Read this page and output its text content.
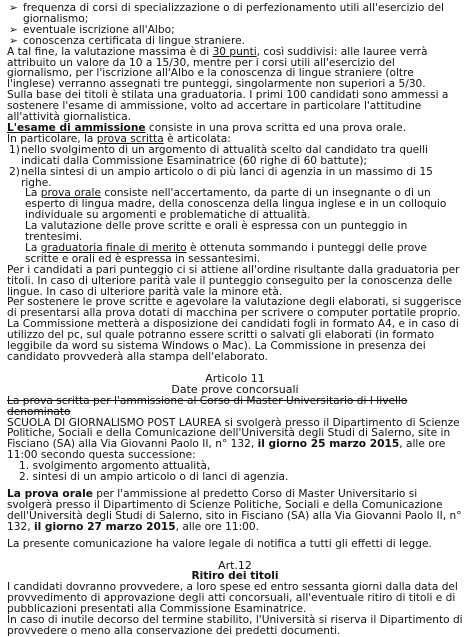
➢ frequenza di corsi di specializzazione o di perfezionamento utili all'esercizio del giornalismo;
➢ eventuale iscrizione all'Albo;
➢ conoscenza certificata di lingue straniere.

A tal fine, la valutazione massima è di 30 punti, così suddivisi: alle lauree verrà attribuito un valore da 10 a 15/30, mentre per i corsi utili all'esercizio del giornalismo, per l'iscrizione all'Albo e la conoscenza di lingue straniere (oltre l'inglese) verranno assegnati tre punteggi, singolarmente non superiori a 5/30.

Sulla base dei titoli è stilata una graduatoria. I primi 100 candidati sono ammessi a sostenere l'esame di ammissione, volto ad accertare in particolare l'attitudine all'attività giornalistica.

L'esame di ammissione consiste in una prova scritta ed una prova orale.

In particolare, la prova scritta è articolata:

1) nello svolgimento di un argomento di attualità scelto dal candidato tra quelli indicati dalla Commissione Esaminatrice (60 righe di 60 battute);
2) nella sintesi di un ampio articolo o di più lanci di agenzia in un massimo di 15 righe.

La prova orale consiste nell'accertamento, da parte di un insegnante o di un esperto di lingua madre, della conoscenza della lingua inglese e in un colloquio individuale su argomenti e problematiche di attualità.

La valutazione delle prove scritte e orali è espressa con un punteggio in trentesimi.

La graduatoria finale di merito è ottenuta sommando i punteggi delle prove scritte e orali ed è espressa in sessantesimi.

Per i candidati a pari punteggio ci si attiene all'ordine risultante dalla graduatoria per titoli. In caso di ulteriore parità vale il punteggio conseguito per la conoscenza delle lingue. In caso di ulteriore parità vale la minore età.

Per sostenere le prove scritte e agevolare la valutazione degli elaborati, si suggerisce di presentarsi alla prova dotati di macchina per scrivere o computer portatile proprio. La Commissione metterà a disposizione dei candidati fogli in formato A4, e in caso di utilizzo del pc, sul quale potranno essere scritti o salvati gli elaborati (in formato leggibile da word su sistema Windows o Mac). La Commissione in presenza dei candidato provvederà alla stampa dell'elaborato.

Articolo 11

Date prove concorsuali

La prova scritta per l'ammissione al Corso di Master Universitario di I livello denominato

SCUOLA DI GIORNALISMO POST LAUREA si svolgerà presso il Dipartimento di Scienze Politiche, Sociali e della Comunicazione dell'Università degli Studi di Salerno, site in Fisciano (SA) alla Via Giovanni Paolo II, n° 132, il giorno 25 marzo 2015, alle ore 11:00 secondo questa successione:

1. svolgimento argomento attualità,

2. sintesi di un ampio articolo o di lanci di agenzia.

La prova orale per l'ammissione al predetto Corso di Master Universitario si svolgerà presso il Dipartimento di Scienze Politiche, Sociali e della Comunicazione dell'Università degli Studi di Salerno, sito in Fisciano (SA) alla Via Giovanni Paolo II, n° 132, il giorno 27 marzo 2015, alle ore 11:00.

La presente comunicazione ha valore legale di notifica a tutti gli effetti di legge.

Art.12

Ritiro dei titoli

I candidati dovranno provvedere, a loro spese ed entro sessanta giorni dalla data del provvedimento di approvazione degli atti concorsuali, all'eventuale ritiro di titoli e di pubblicazioni presentati alla Commissione Esaminatrice.

In caso di inutile decorso del termine stabilito, l'Università si riserva il Dipartimento di provvedere o meno alla conservazione dei predetti documenti.
